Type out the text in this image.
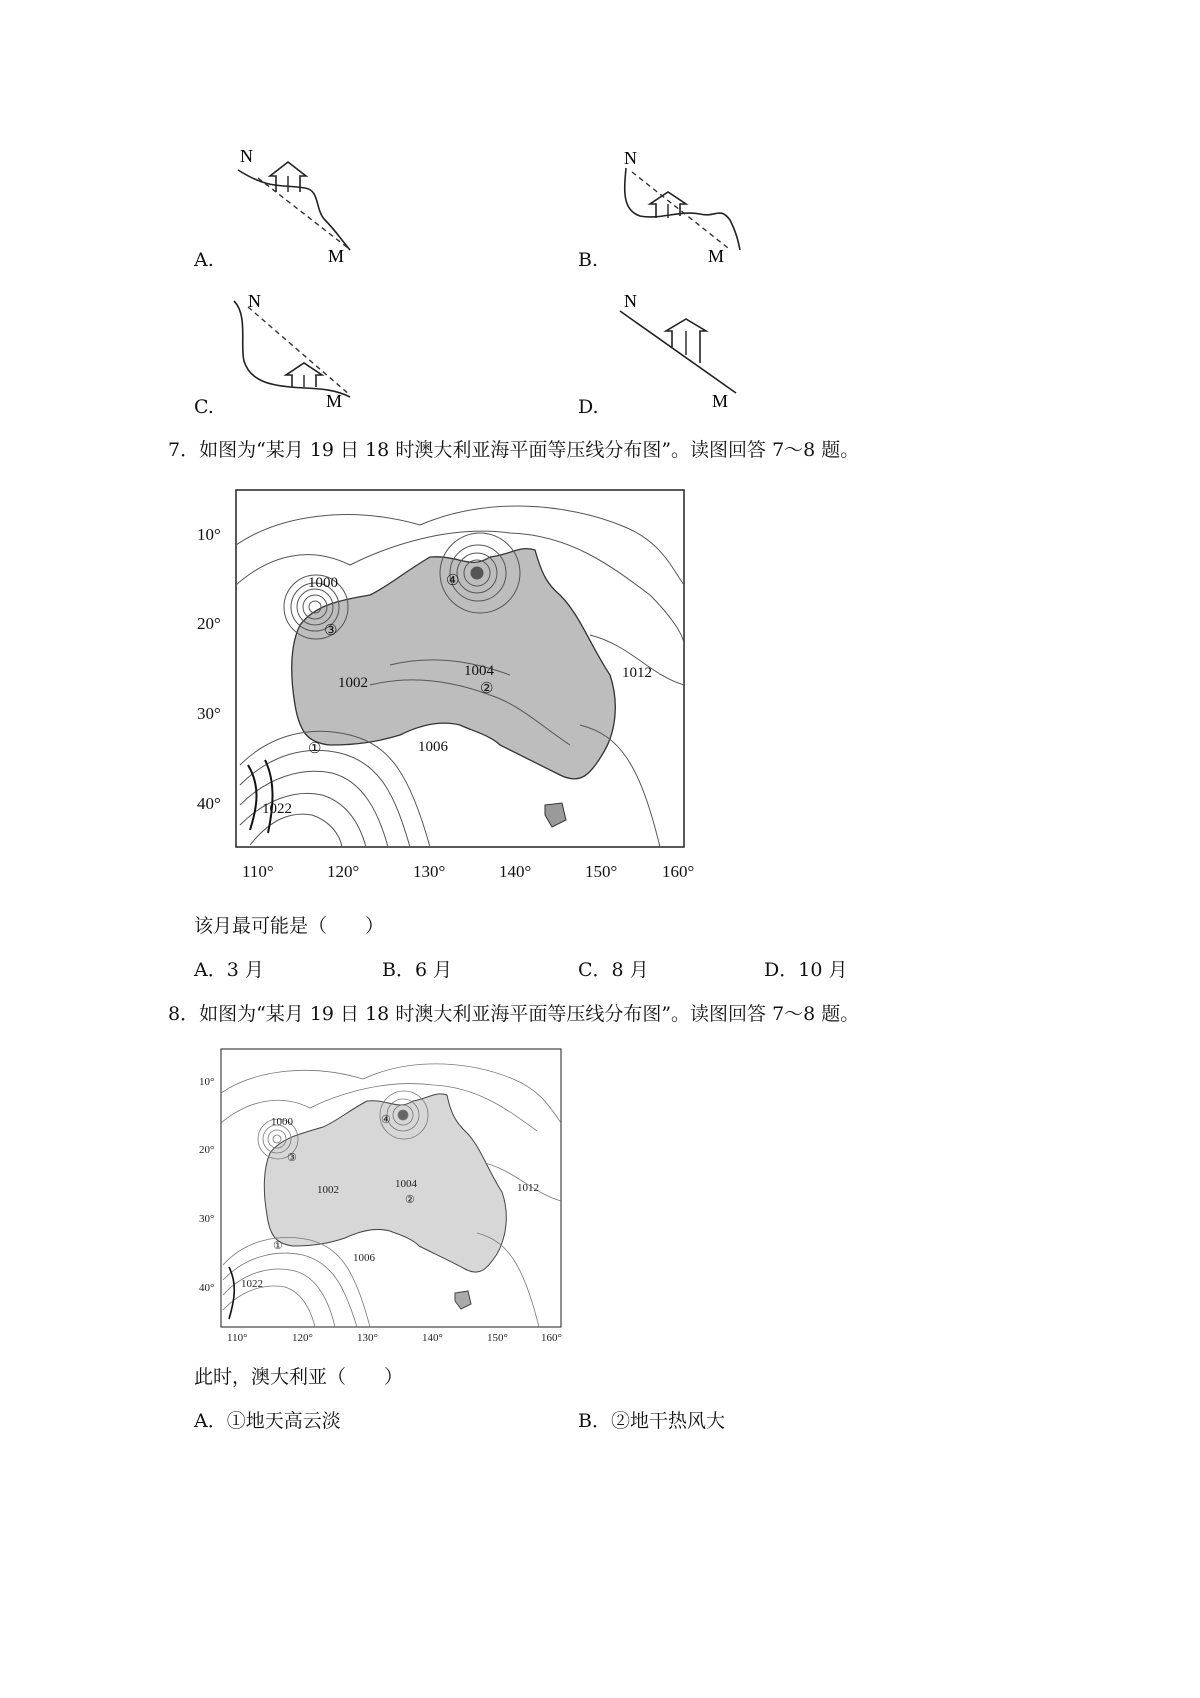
N
M
A.
N
M
B.
N
M
C.
N
M
D.
7．如图为“某月 19 日 18 时澳大利亚海平面等压线分布图”。读图回答 7～8 题。
10°
20°
30°
40°
110°	120°	130°	140°	150°	160°
1000
1002
1004
1006
1012
1022
①
②
③
④
该月最可能是（　　）
A．3 月	B．6 月	C．8 月	D．10 月
8．如图为“某月 19 日 18 时澳大利亚海平面等压线分布图”。读图回答 7～8 题。
10°
20°
30°
40°
110°	120°	130°	140°	150°	160°
1000
1002	1004
1006
1012
1022
①
②
③
④
此时，澳大利亚（　　）
A．①地天高云淡	B．②地干热风大
